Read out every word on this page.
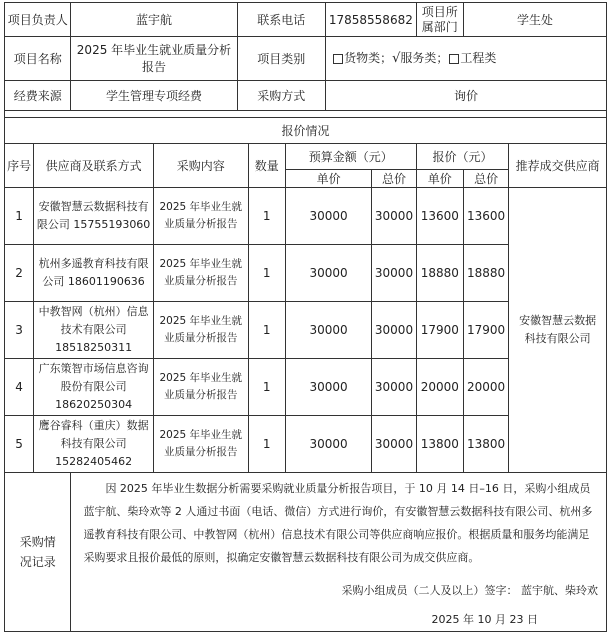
项目负责人		蓝宇航		联系电话			17858558682		项目所属部门	学生处	
项目名称		2025 年毕业生就业质量分析报告		项目类别			货物类；√服务类； 工程类				
经费来源		学生管理专项经费		采购方式			询价				

报价情况											
序号	供应商及联系方式		采购内容		数量	预算金额（元）			报价（元）		推荐成交供应商
						单价		总价	单价	总价	
1	安徽智慧云数据科技有限公司 15755193060		2025 年毕业生就业质量分析报告		1	30000		30000	13600	13600	安徽智慧云数据科技有限公司
2	杭州多遥教育科技有限公司 18601190636		2025 年毕业生就业质量分析报告		1	30000		30000	18880	18880	
3	中教智网（杭州）信息技术有限公司 18518250311		2025 年毕业生就业质量分析报告		1	30000		30000	17900	17900	
4	广东策智市场信息咨询股份有限公司 18620250304		2025 年毕业生就业质量分析报告		1	30000		30000	20000	20000	
5	鹰谷睿科（重庆）数据科技有限公司 15282405462		2025 年毕业生就业质量分析报告		1	30000		30000	13800	13800	
采购情况记录		因 2025 年毕业生数据分析需要采购就业质量分析报告项目，于 10 月 14 日–16 日，采购小组成员蓝宇航、柴玲欢等 2 人通过书面（电话、微信）方式进行询价，有安徽智慧云数据科技有限公司、杭州多遥教育科技有限公司、中教智网（杭州）信息技术有限公司等供应商响应报价。根据质量和服务均能满足采购要求且报价最低的原则，拟确定安徽智慧云数据科技有限公司为成交供应商。

采购小组成员（二人及以上）签字： 蓝宇航、柴玲欢

2025 年 10 月 23 日									
